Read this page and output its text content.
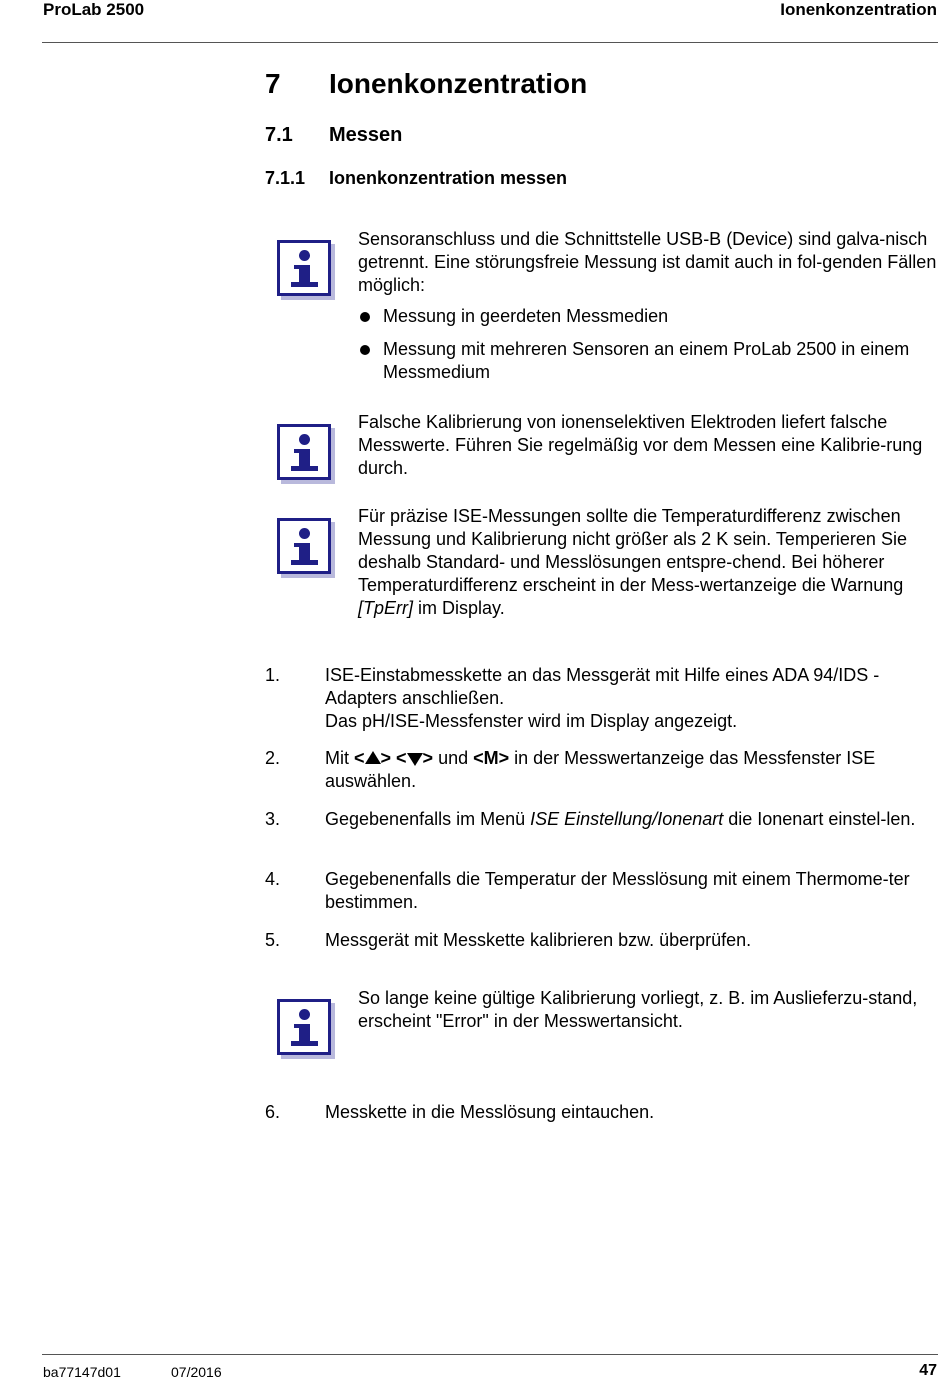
ProLab 2500	Ionenkonzentration
7 Ionenkonzentration
7.1 Messen
7.1.1 Ionenkonzentration messen

Sensoranschluss und die Schnittstelle USB-B (Device) sind galva-nisch getrennt. Eine störungsfreie Messung ist damit auch in fol-genden Fällen möglich:

Messung in geerdeten Messmedien
Messung mit mehreren Sensoren an einem ProLab 2500 in einem Messmedium

Falsche Kalibrierung von ionenselektiven Elektroden liefert falsche Messwerte. Führen Sie regelmäßig vor dem Messen eine Kalibrie-rung durch.

Für präzise ISE-Messungen sollte die Temperaturdifferenz zwischen Messung und Kalibrierung nicht größer als 2 K sein. Temperieren Sie deshalb Standard- und Messlösungen entspre-chend. Bei höherer Temperaturdifferenz erscheint in der Mess-wertanzeige die Warnung [TpErr] im Display.

1. ISE-Einstabmesskette an das Messgerät mit Hilfe eines ADA 94/IDS -Adapters anschließen.
Das pH/ISE-Messfenster wird im Display angezeigt.
2. Mit < > < > und <M> in der Messwertanzeige das Messfenster ISE auswählen.
3. Gegebenenfalls im Menü ISE Einstellung/Ionenart die Ionenart einstel-len.
4. Gegebenenfalls die Temperatur der Messlösung mit einem Thermome-ter bestimmen.
5. Messgerät mit Messkette kalibrieren bzw. überprüfen.

So lange keine gültige Kalibrierung vorliegt, z. B. im Auslieferzu-stand, erscheint "Error" in der Messwertansicht.

6. Messkette in die Messlösung eintauchen.
ba77147d01	07/2016	47
